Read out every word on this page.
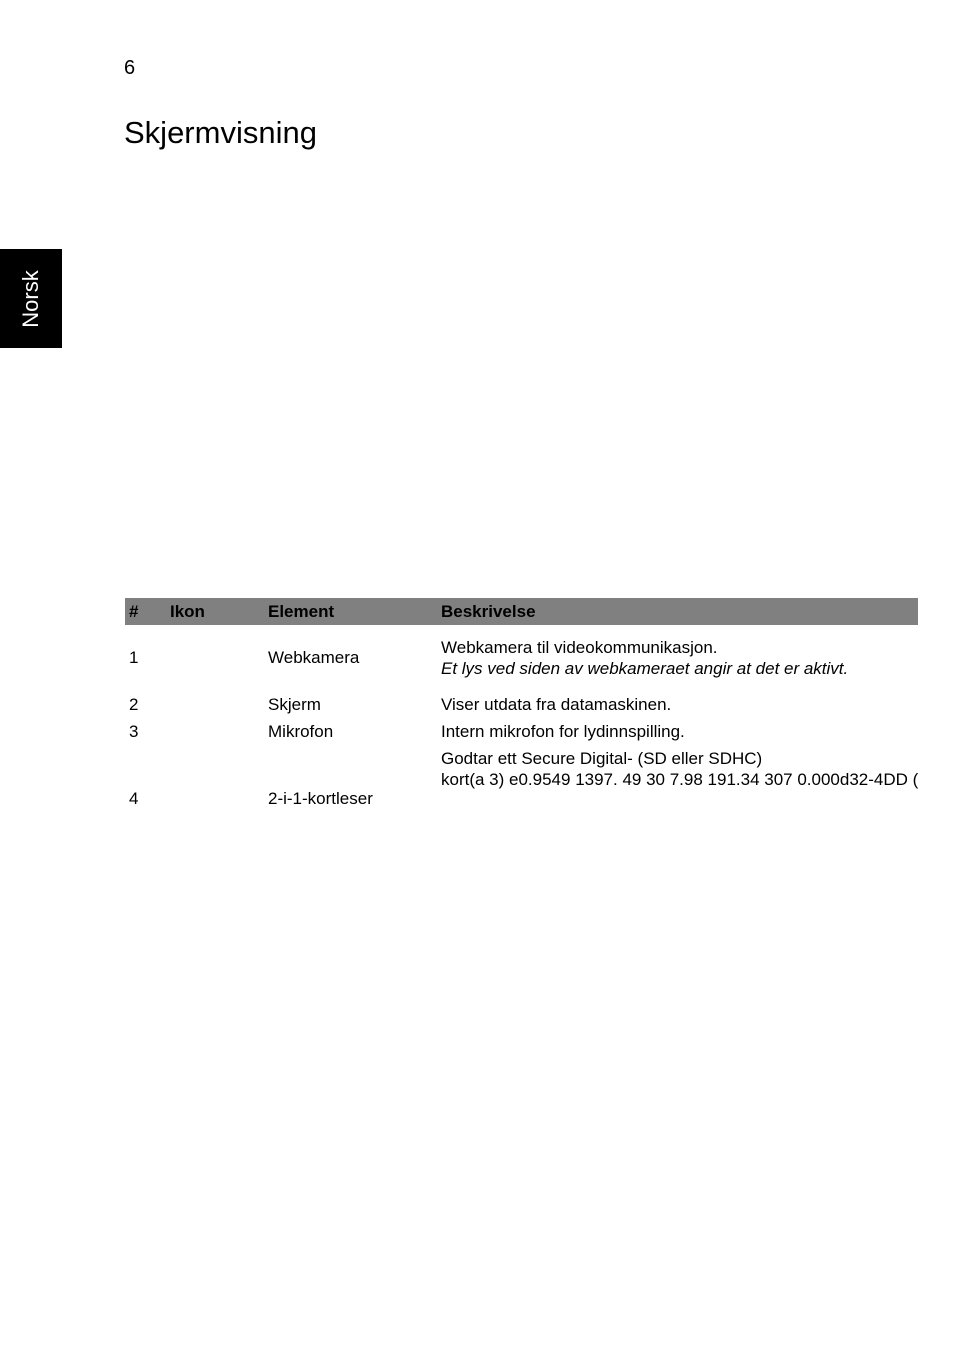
6
Skjermvisning
Norsk
#	Ikon	Element	Beskrivelse
1		Webkamera	Webkamera til videokommunikasjon.
Et lys ved siden av webkameraet angir at det er aktivt.

2		Skjerm	Viser utdata fra datamaskinen.
3		Mikrofon	Intern mikrofon for lydinnspilling.
4		2-i-1-kortleser	Godtar ett Secure Digital- (SD eller SDHC)
kort(a 3) e0.9549 1397. 49 30 7.98 191.34 307 0.000d32-4DD (
